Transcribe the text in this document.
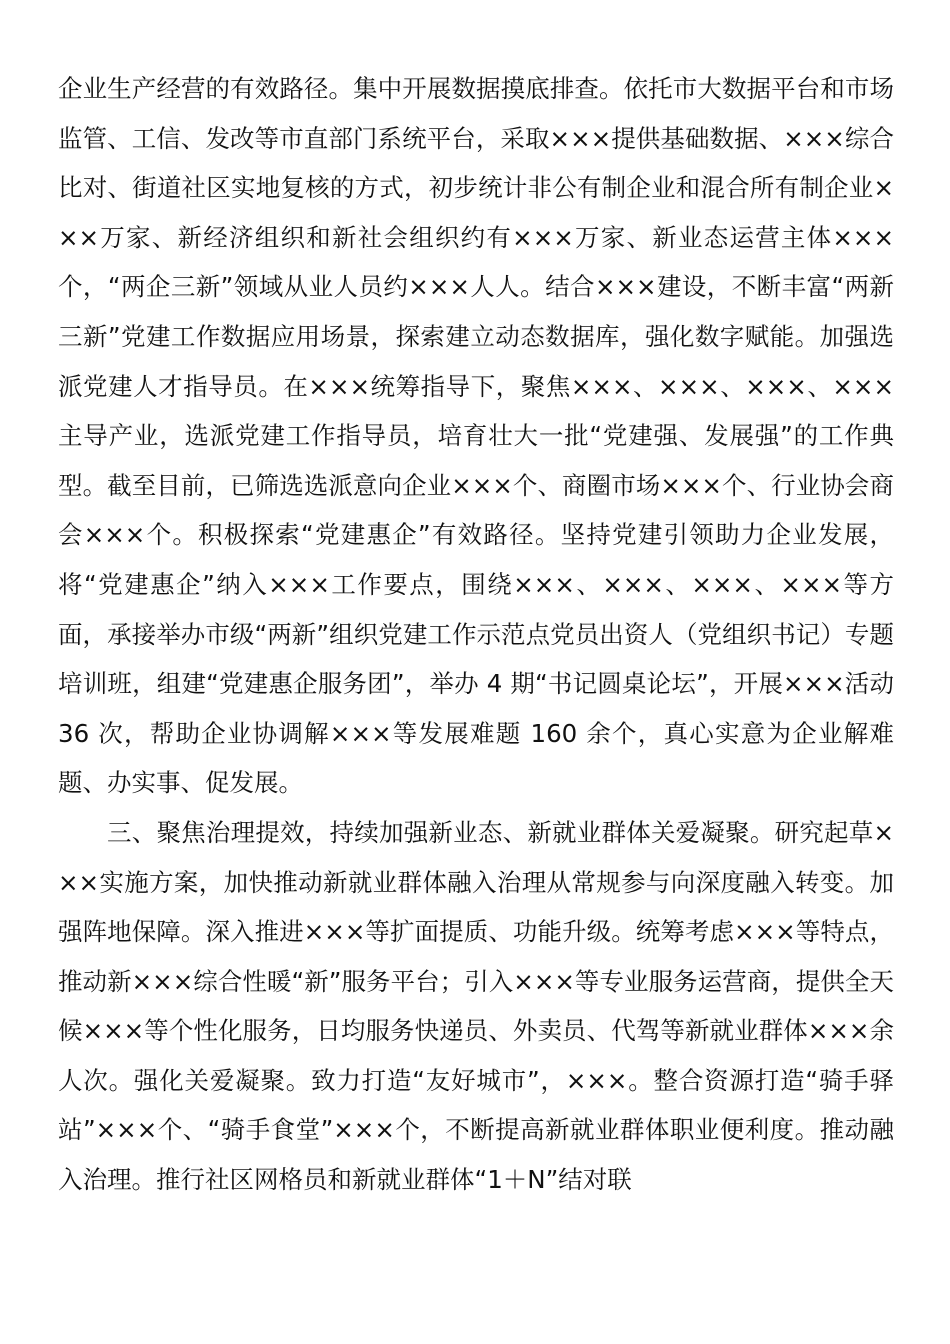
企业生产经营的有效路径。集中开展数据摸底排查。依托市大数据平台和市场监管、工信、发改等市直部门系统平台，采取×××提供基础数据、×××综合比对、街道社区实地复核的方式，初步统计非公有制企业和混合所有制企业×××万家、新经济组织和新社会组织约有×××万家、新业态运营主体×××个，“两企三新”领域从业人员约×××人人。结合×××建设，不断丰富“两新三新”党建工作数据应用场景，探索建立动态数据库，强化数字赋能。加强选派党建人才指导员。在×××统筹指导下，聚焦×××、×××、×××、×××主导产业，选派党建工作指导员，培育壮大一批“党建强、发展强”的工作典型。截至目前，已筛选选派意向企业×××个、商圈市场×××个、行业协会商会×××个。积极探索“党建惠企”有效路径。坚持党建引领助力企业发展，将“党建惠企”纳入×××工作要点，围绕×××、×××、×××、×××等方面，承接举办市级“两新”组织党建工作示范点党员出资人（党组织书记）专题培训班，组建“党建惠企服务团”，举办 4 期“书记圆桌论坛”，开展×××活动 36 次，帮助企业协调解×××等发展难题 160 余个，真心实意为企业解难题、办实事、促发展。

三、聚焦治理提效，持续加强新业态、新就业群体关爱凝聚。研究起草×××实施方案，加快推动新就业群体融入治理从常规参与向深度融入转变。加强阵地保障。深入推进×××等扩面提质、功能升级。统筹考虑×××等特点，推动新×××综合性暖“新”服务平台；引入×××等专业服务运营商，提供全天候×××等个性化服务，日均服务快递员、外卖员、代驾等新就业群体×××余人次。强化关爱凝聚。致力打造“友好城市”，×××。整合资源打造“骑手驿站”×××个、“骑手食堂”×××个，不断提高新就业群体职业便利度。推动融入治理。推行社区网格员和新就业群体“1＋N”结对联
